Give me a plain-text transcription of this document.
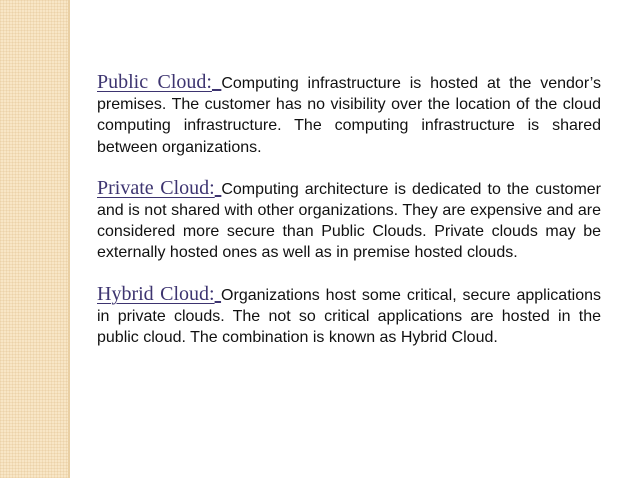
Public Cloud: Computing infrastructure is hosted at the vendor’s premises. The customer has no visibility over the location of the cloud computing infrastructure. The computing infrastructure is shared between organizations.

Private Cloud: Computing architecture is dedicated to the customer and is not shared with other organizations. They are expensive and are considered more secure than Public Clouds. Private clouds may be externally hosted ones as well as in premise hosted clouds.

Hybrid Cloud: Organizations host some critical, secure applications in private clouds. The not so critical applications are hosted in the public cloud. The combination is known as Hybrid Cloud.
